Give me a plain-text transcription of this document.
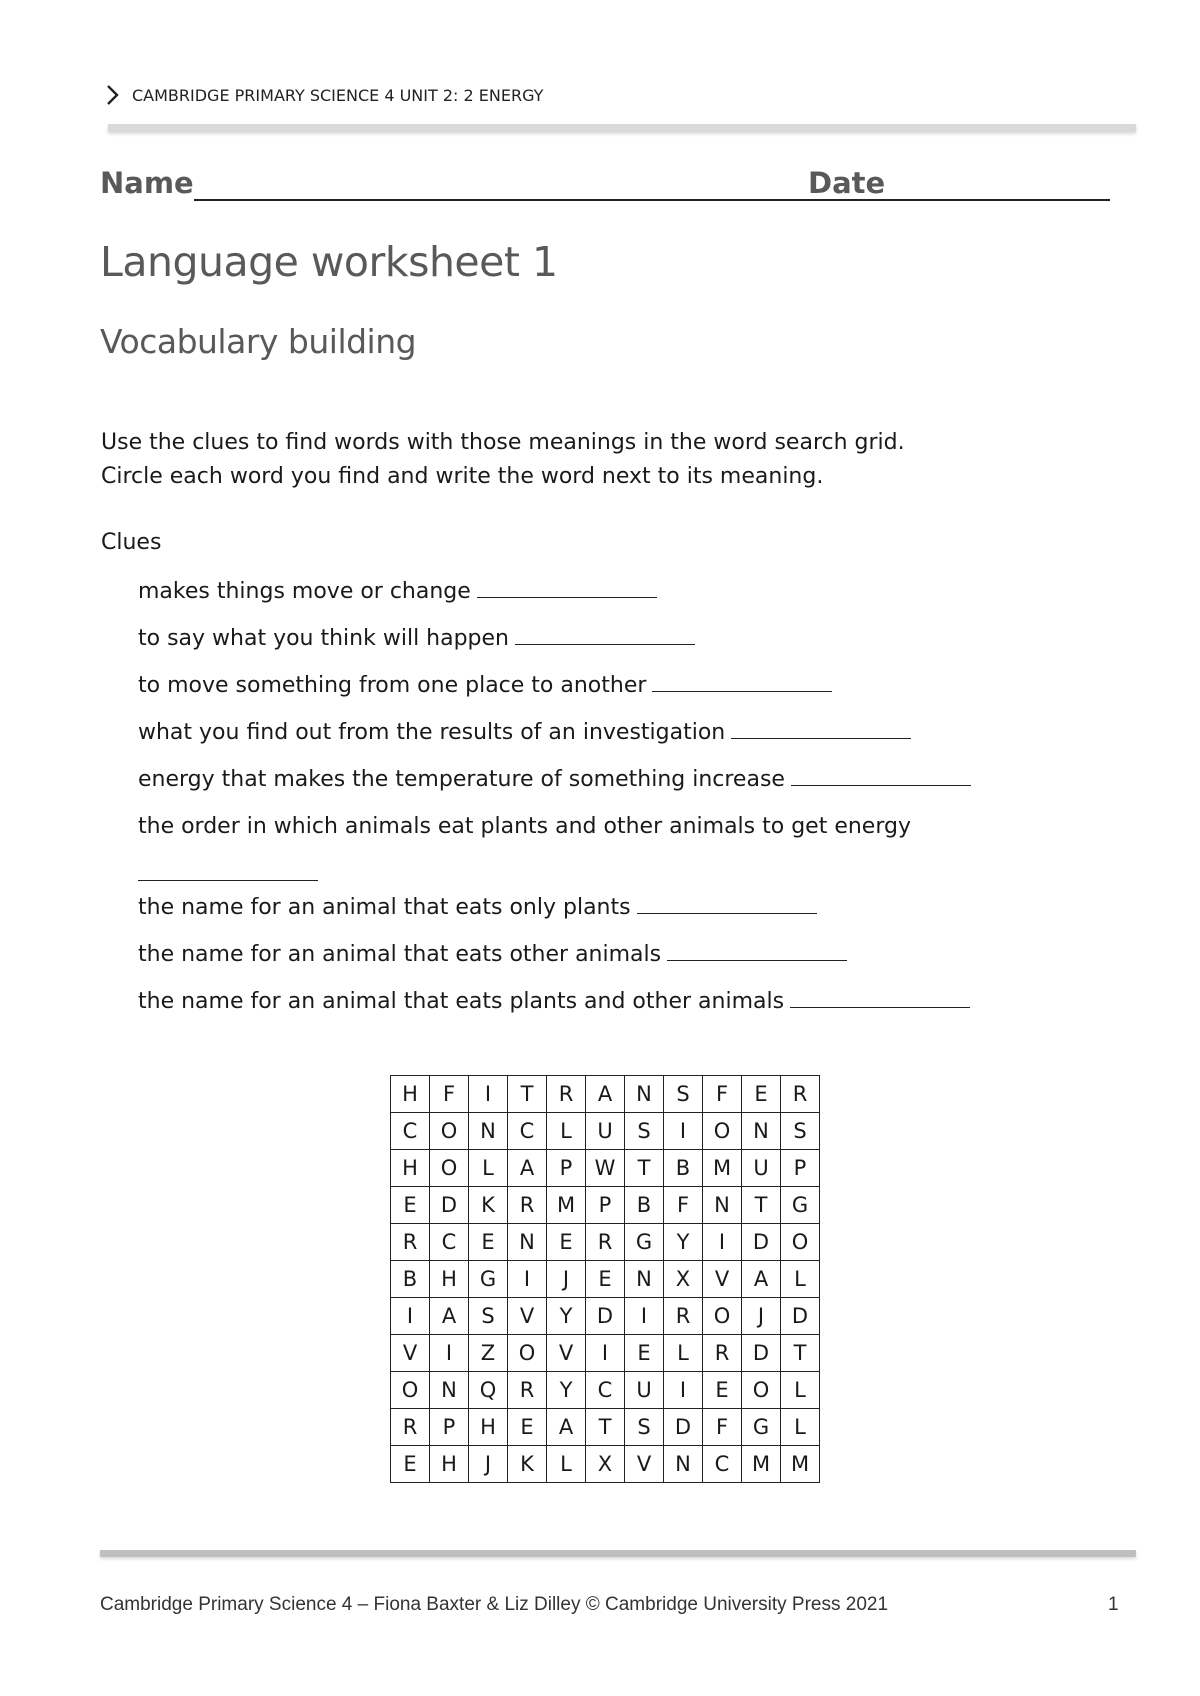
CAMBRIDGE PRIMARY SCIENCE 4 UNIT 2: 2 ENERGY
Name	Date
Language worksheet 1
Vocabulary building
Use the clues to find words with those meanings in the word search grid.
Circle each word you find and write the word next to its meaning.
Clues
makes things move or change
to say what you think will happen
to move something from one place to another
what you find out from the results of an investigation
energy that makes the temperature of something increase
the order in which animals eat plants and other animals to get energy
the name for an animal that eats only plants
the name for an animal that eats other animals
the name for an animal that eats plants and other animals
H	F	I	T	R	A	N	S	F	E	R
C	O	N	C	L	U	S	I	O	N	S
H	O	L	A	P	W	T	B	M	U	P
E	D	K	R	M	P	B	F	N	T	G
R	C	E	N	E	R	G	Y	I	D	O
B	H	G	I	J	E	N	X	V	A	L
I	A	S	V	Y	D	I	R	O	J	D
V	I	Z	O	V	I	E	L	R	D	T
O	N	Q	R	Y	C	U	I	E	O	L
R	P	H	E	A	T	S	D	F	G	L
E	H	J	K	L	X	V	N	C	M	M
Cambridge Primary Science 4 – Fiona Baxter & Liz Dilley © Cambridge University Press 2021	1
